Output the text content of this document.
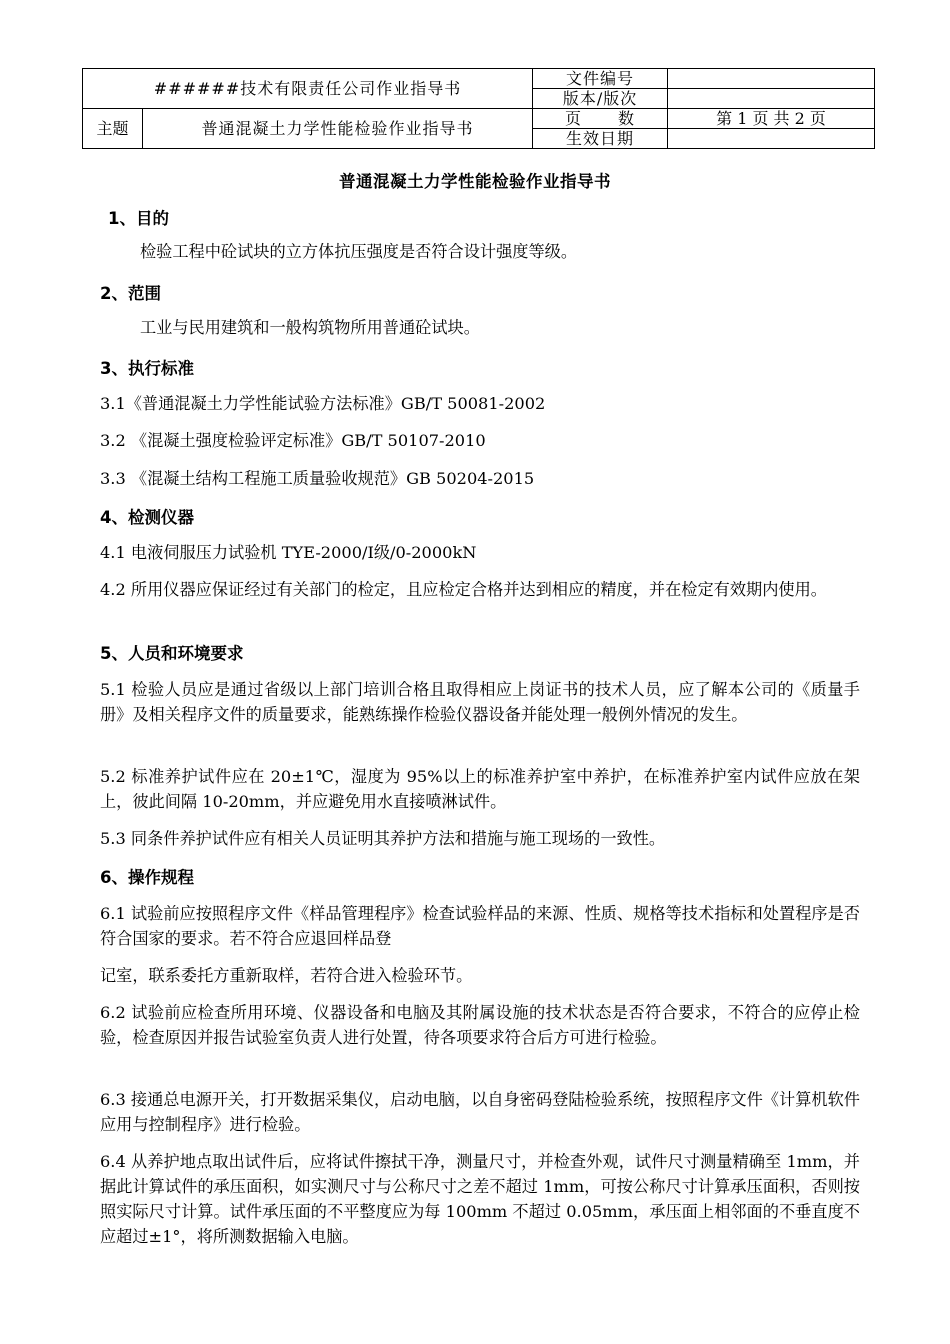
######技术有限责任公司作业指导书		文件编号	
		版本/版次	
主题	普通混凝土力学性能检验作业指导书	页 数	第 1 页 共 2 页
		生效日期	
普通混凝土力学性能检验作业指导书
1、目的
检验工程中砼试块的立方体抗压强度是否符合设计强度等级。
2、范围
工业与民用建筑和一般构筑物所用普通砼试块。
3、执行标准
3.1《普通混凝土力学性能试验方法标准》GB/T 50081-2002
3.2 《混凝土强度检验评定标准》GB/T 50107-2010
3.3 《混凝土结构工程施工质量验收规范》GB 50204-2015
4、检测仪器
4.1 电液伺服压力试验机 TYE-2000/Ⅰ级/0-2000kN
4.2 所用仪器应保证经过有关部门的检定，且应检定合格并达到相应的精度，并在检定有效期内使用。
5、人员和环境要求
5.1 检验人员应是通过省级以上部门培训合格且取得相应上岗证书的技术人员，应了解本公司的《质量手册》及相关程序文件的质量要求，能熟练操作检验仪器设备并能处理一般例外情况的发生。
5.2 标准养护试件应在 20±1℃，湿度为 95%以上的标准养护室中养护，在标准养护室内试件应放在架上，彼此间隔 10-20mm，并应避免用水直接喷淋试件。
5.3 同条件养护试件应有相关人员证明其养护方法和措施与施工现场的一致性。
6、操作规程
6.1 试验前应按照程序文件《样品管理程序》检查试验样品的来源、性质、规格等技术指标和处置程序是否符合国家的要求。若不符合应退回样品登
记室，联系委托方重新取样，若符合进入检验环节。
6.2 试验前应检查所用环境、仪器设备和电脑及其附属设施的技术状态是否符合要求，不符合的应停止检验，检查原因并报告试验室负责人进行处置，待各项要求符合后方可进行检验。
6.3 接通总电源开关，打开数据采集仪，启动电脑，以自身密码登陆检验系统，按照程序文件《计算机软件应用与控制程序》进行检验。
6.4 从养护地点取出试件后，应将试件擦拭干净，测量尺寸，并检查外观，试件尺寸测量精确至 1mm，并据此计算试件的承压面积，如实测尺寸与公称尺寸之差不超过 1mm，可按公称尺寸计算承压面积，否则按照实际尺寸计算。试件承压面的不平整度应为每 100mm 不超过 0.05mm，承压面上相邻面的不垂直度不应超过±1°，将所测数据输入电脑。
